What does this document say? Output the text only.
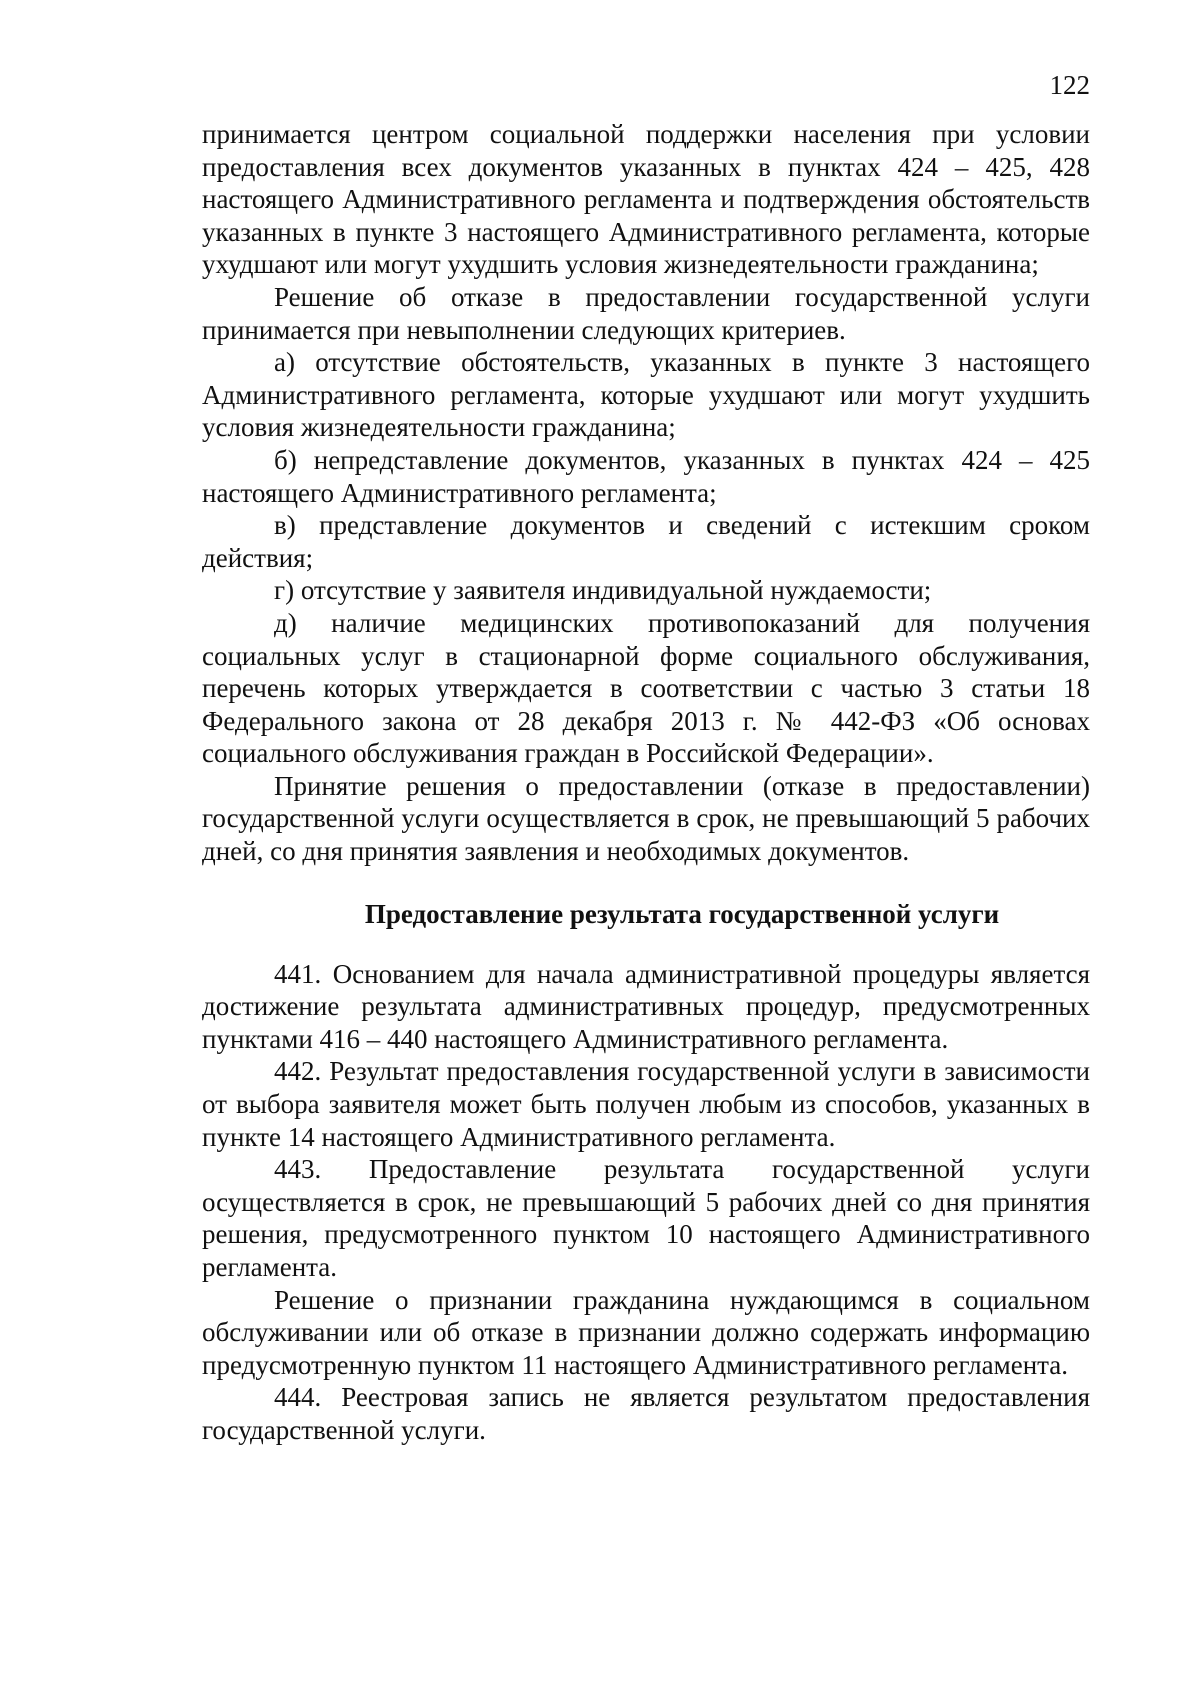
122

принимается центром социальной поддержки населения при условии предоставления всех документов указанных в пунктах 424 – 425, 428 настоящего Административного регламента и подтверждения обстоятельств указанных в пункте 3 настоящего Административного регламента, которые ухудшают или могут ухудшить условия жизнедеятельности гражданина;

Решение об отказе в предоставлении государственной услуги принимается при невыполнении следующих критериев.

а) отсутствие обстоятельств, указанных в пункте 3 настоящего Административного регламента, которые ухудшают или могут ухудшить условия жизнедеятельности гражданина;

б) непредставление документов, указанных в пунктах 424 – 425 настоящего Административного регламента;

в) представление документов и сведений с истекшим сроком действия;

г) отсутствие у заявителя индивидуальной нуждаемости;

д) наличие медицинских противопоказаний для получения социальных услуг в стационарной форме социального обслуживания, перечень которых утверждается в соответствии с частью 3 статьи 18 Федерального закона от 28 декабря 2013 г. № 442-ФЗ «Об основах социального обслуживания граждан в Российской Федерации».

Принятие решения о предоставлении (отказе в предоставлении) государственной услуги осуществляется в срок, не превышающий 5 рабочих дней, со дня принятия заявления и необходимых документов.

Предоставление результата государственной услуги

441. Основанием для начала административной процедуры является достижение результата административных процедур, предусмотренных пунктами 416 – 440 настоящего Административного регламента.

442. Результат предоставления государственной услуги в зависимости от выбора заявителя может быть получен любым из способов, указанных в пункте 14 настоящего Административного регламента.

443. Предоставление результата государственной услуги осуществляется в срок, не превышающий 5 рабочих дней со дня принятия решения, предусмотренного пунктом 10 настоящего Административного регламента.

Решение о признании гражданина нуждающимся в социальном обслуживании или об отказе в признании должно содержать информацию предусмотренную пунктом 11 настоящего Административного регламента.

444. Реестровая запись не является результатом предоставления государственной услуги.
